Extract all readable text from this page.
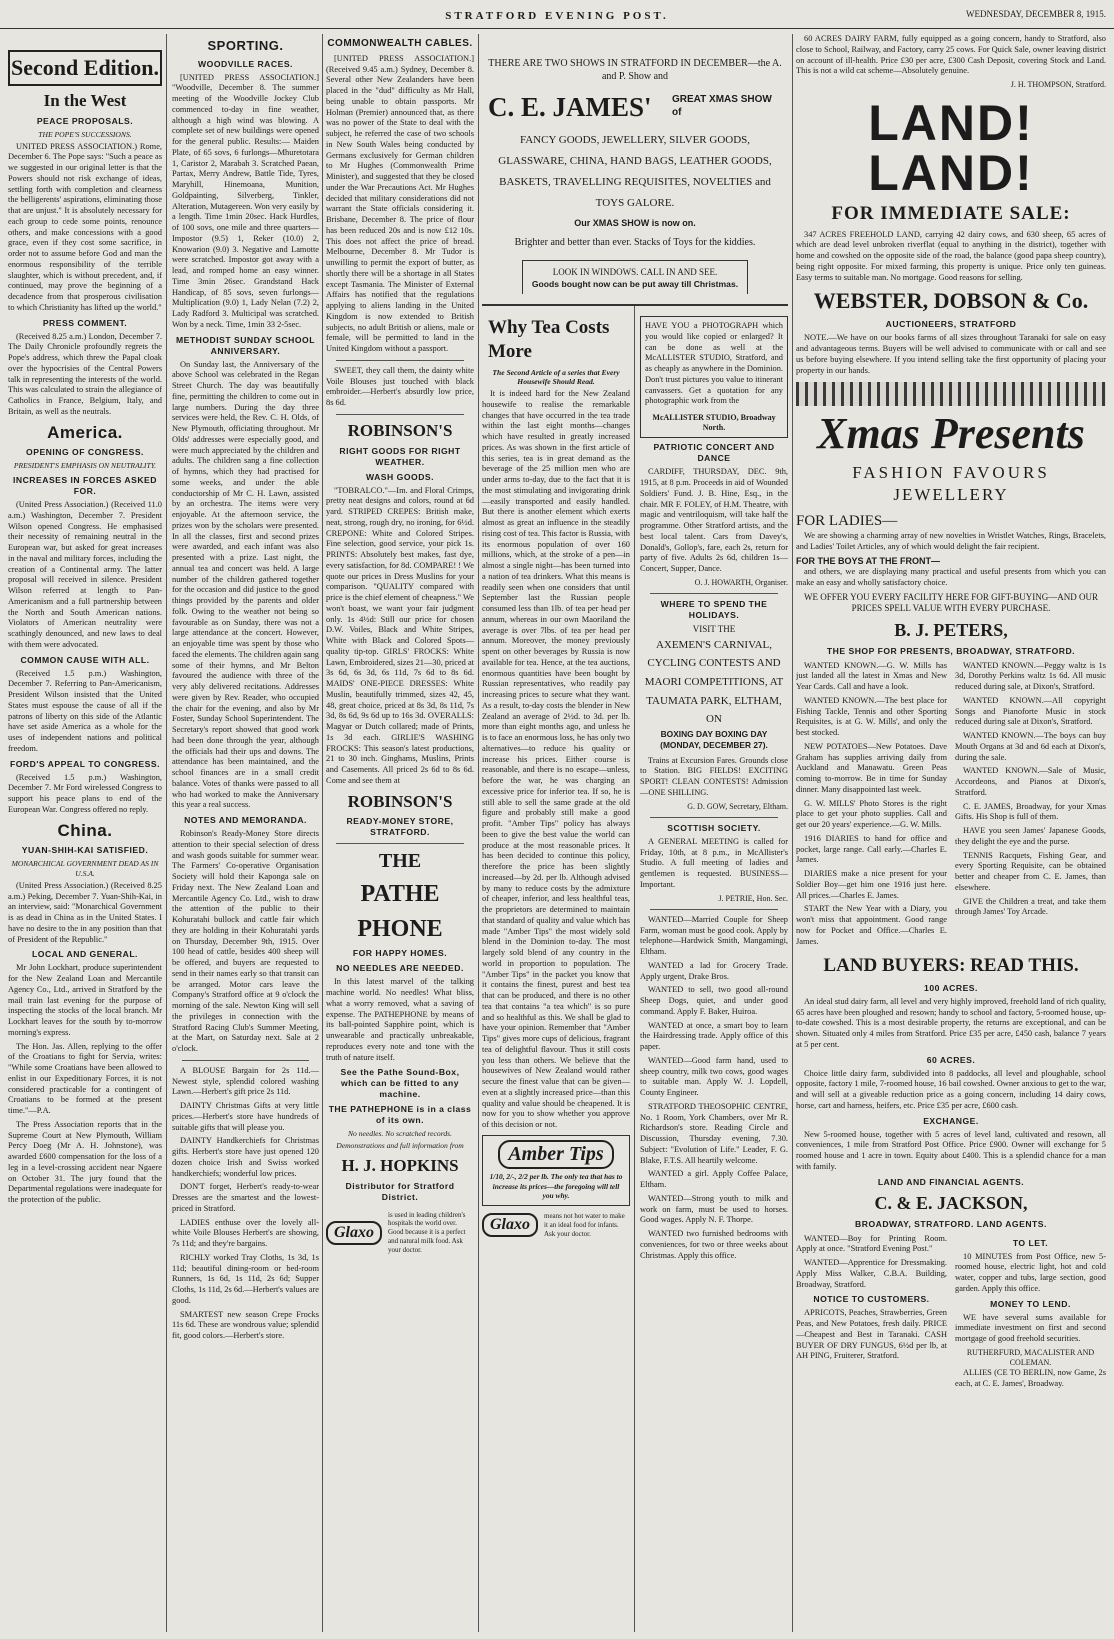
STRATFORD EVENING POST.	WEDNESDAY, DECEMBER 8, 1915.
Second Edition.
In the West
PEACE PROPOSALS.
THE POPE'S SUCCESSIONS.

UNITED PRESS ASSOCIATION.) Rome, December 6. The Pope says: "Such a peace as we suggested in our original letter is that the Powers should not risk exchange of ideas, settling forth with completion and clearness the belligerents' aspirations, eliminating those that are unjust." It is absolutely necessary for each group to cede some points, renounce others, and make concessions with a good grace, even if they cost some sacrifice, in order not to assume before God and man the enormous responsibility of the terrible slaughter, which is without precedent, and, if continued, may prove the beginning of a decadence from that prosperous civilisation to which Christianity has lifted up the world."

PRESS COMMENT.

(Received 8.25 a.m.) London, December 7. The Daily Chronicle profoundly regrets the Pope's address, which threw the Papal cloak over the hypocrisies of the Central Powers talk in representing the interests of the world. This was calculated to strain the allegiance of Catholics in France, Belgium, Italy, and Britain, as well as the neutrals.

America.
OPENING OF CONGRESS.
PRESIDENT'S EMPHASIS ON NEUTRALITY.
INCREASES IN FORCES ASKED FOR.

(United Press Association.) (Received 11.0 a.m.) Washington, December 7. President Wilson opened Congress. He emphasised their necessity of remaining neutral in the European war, but asked for great increases in the naval and military forces, including the creation of a Continental army. The latter proposal will received in silence. President Wilson referred at length to Pan-Americanism and a full partnership between the North and South American nations. Violators of American neutrality were scathingly denounced, and new laws to deal with them were advocated.

COMMON CAUSE WITH ALL.

(Received 1.5 p.m.) Washington, December 7. Referring to Pan-Americanism, President Wilson insisted that the United States must espouse the cause of all if the patrons of liberty on this side of the Atlantic have set aside America as a whole for the uses of independent nations and political freedom.

FORD'S APPEAL TO CONGRESS.

(Received 1.5 p.m.) Washington, December 7. Mr Ford wirelessed Congress to support his peace plans to end of the European War. Congress offered no reply.

China.
YUAN-SHIH-KAI SATISFIED.
MONARCHICAL GOVERNMENT DEAD AS IN U.S.A.

(United Press Association.) (Received 8.25 a.m.) Peking, December 7. Yuan-Shih-Kai, in an interview, said: "Monarchical Government is as dead in China as in the United States. I have no desire to the in any position than that of President of the Republic."

LOCAL AND GENERAL.

Mr John Lockhart, produce superintendent for the New Zealand Loan and Mercantile Agency Co., Ltd., arrived in Stratford by the mail train last evening for the purpose of inspecting the stocks of the local branch. Mr Lockhart leaves for the south by to-morrow morning's express.

The Hon. Jas. Allen, replying to the offer of the Croatians to fight for Servia, writes: "While some Croatians have been allowed to enlist in our Expeditionary Forces, it is not considered practicable for a contingent of Croatians to be formed at the present time."—P.A.

The Press Association reports that in the Supreme Court at New Plymouth, William Percy Doeg (Mr A. H. Johnstone), was awarded £600 compensation for the loss of a leg in a level-crossing accident near Ngaere on October 31. The jury found that the Departmental regulations were inadequate for the protection of the public.

SPORTING.
WOODVILLE RACES.

[UNITED PRESS ASSOCIATION.] "Woodville, December 8. The summer meeting of the Woodville Jockey Club commenced to-day in fine weather, although a high wind was blowing. A complete set of new buildings were opened for the general public. Results:— Maiden Plate, of 65 sovs, 6 furlongs—Mhuretotara 1, Caristor 2, Marabah 3. Scratched Paean, Partax, Merry Andrew, Battle Tide, Tyres, Maryhill, Hinemoana, Munition, Goldpainting, Silverberg, Tinkler, Alteration, Mutagereen. Won very easily by a length. Time 1min 20sec. Hack Hurdles, of 100 sovs, one mile and three quarters—Impostor (9.5) 1, Reker (10.0) 2, Knowarion (9.0) 3. Negative and Lamotte were scratched. Impostor got away with a lead, and romped home an easy winner. Time 3min 26sec. Grandstand Hack Handicap, of 85 sovs, seven furlongs—Multiplication (9.0) 1, Lady Nelan (7.2) 2, Lady Radford 3. Multicipal was scratched. Won by a neck. Time, 1min 33 2-5sec.

METHODIST SUNDAY SCHOOL ANNIVERSARY.

On Sunday last, the Anniversary of the above School was celebrated in the Regan Street Church. The day was beautifully fine, permitting the children to come out in large numbers. During the day three services were held, the Rev. C. H. Olds, of New Plymouth, officiating throughout. Mr Olds' addresses were especially good, and were much appreciated by the children and adults. The children sang a fine collection of hymns, which they had practised for some weeks, and under the able conductorship of Mr C. H. Lawn, assisted by an orchestra. The items were very enjoyable. At the afternoon service, the prizes won by the scholars were presented. In all the classes, first and second prizes were awarded, and each infant was also presented with a prize. Last night, the annual tea and concert was held. A large number of the children gathered together for the occasion and did justice to the good things provided by the parents and older folk. Owing to the weather not being so favourable as on Sunday, there was not a large attendance at the concert. However, an enjoyable time was spent by those who faced the elements. The children again sang some of their hymns, and Mr Belton favoured the audience with three of the very ably delivered recitations. Addresses were given by Rev. Reader, who occupied the chair for the evening, and also by Mr Foster, Sunday School Superintendent. The Secretary's report showed that good work had been done through the year, although the officials had their ups and downs. The attendance has been maintained, and the school finances are in a small credit balance. Votes of thanks were passed to all who had worked to make the Anniversary this year a real success.

NOTES AND MEMORANDA.

Robinson's Ready-Money Store directs attention to their special selection of dress and wash goods suitable for summer wear. The Farmers' Co-operative Organisation Society will hold their Kaponga sale on Friday next. The New Zealand Loan and Mercantile Agency Co. Ltd., wish to draw the attention of the public to their Kohuratahi bullock and cattle fair which they are holding in their Kohuratahi yards on Thursday, December 9th, 1915. Over 100 head of cattle, besides 400 sheep will be offered, and buyers are requested to send in their names early so that transit can be arranged. Motor cars leave the Company's Stratford office at 9 o'clock the morning of the sale. Newton King will sell the privileges in connection with the Stratford Racing Club's Summer Meeting, at the Mart, on Saturday next. Sale at 2 o'clock.

A BLOUSE Bargain for 2s 11d.—Newest style, splendid colored washing Lawn.—Herbert's gift price 2s 11d.

DAINTY Christmas Gifts at very little prices.—Herbert's store have hundreds of suitable gifts that will please you.

DAINTY Handkerchiefs for Christmas gifts. Herbert's store have just opened 120 dozen choice Irish and Swiss worked handkerchiefs; wonderful low prices.

DON'T forget, Herbert's ready-to-wear Dresses are the smartest and the lowest-priced in Stratford.

LADIES enthuse over the lovely all-white Voile Blouses Herbert's are showing, 7s 11d; and they're bargains.

RICHLY worked Tray Cloths, 1s 3d, 1s 11d; beautiful dining-room or bed-room Runners, 1s 6d, 1s 11d, 2s 6d; Supper Cloths, 1s 11d, 2s 6d.—Herbert's values are good.

SMARTEST new season Crepe Frocks 11s 6d. These are wondrous value; splendid fit, good colors.—Herbert's store.

COMMONWEALTH CABLES.

[UNITED PRESS ASSOCIATION.] (Received 9.45 a.m.) Sydney, December 8. Several other New Zealanders have been placed in the "dud" difficulty as Mr Hall, being unable to obtain passports. Mr Holman (Premier) announced that, as there was no power of the State to deal with the subject, he referred the case of two schools in New South Wales being conducted by Germans exclusively for German children to Mr Hughes (Commonwealth Prime Minister), and suggested that they be closed under the War Precautions Act. Mr Hughes decided that military considerations did not warrant the State officials considering it. Brisbane, December 8. The price of flour has been reduced 20s and is now £12 10s. This does not affect the price of bread. Melbourne, December 8. Mr Tudor is unwilling to permit the export of butter, as shortly there will be a shortage in all States except Tasmania. The Minister of External Affairs has notified that the regulations applying to aliens landing in the United Kingdom is now extended to British subjects, no adult British or aliens, male or female, will be permitted to land in the United Kingdom without a passport.

SWEET, they call them, the dainty white Voile Blouses just touched with black embroider.—Herbert's absurdly low price, 8s 6d.

ROBINSON'S
RIGHT GOODS FOR RIGHT WEATHER.
WASH GOODS.

"TOBRALCO."—Im. and Floral Crimps, pretty neat designs and colors, round at 6d yard. STRIPED CREPES: British make, neat, strong, rough dry, no ironing, for 6½d. CREPONE: White and Colored Stripes. Fine selection, good service, your pick 1s. PRINTS: Absolutely best makes, fast dye, every satisfaction, for 8d. COMPARE! ! We quote our prices in Dress Muslins for your comparison. "QUALITY compared with price is the chief element of cheapness." We won't boast, we want your fair judgment only. 1s 4½d: Still our price for chosen D.W. Voiles, Black and White Stripes, White with Black and Colored Spots—quality tip-top. GIRLS' FROCKS: White Lawn, Embroidered, sizes 21—30, priced at 3s 6d, 6s 3d, 6s 11d, 7s 6d to 8s 6d. MAIDS' ONE-PIECE DRESSES: White Muslin, beautifully trimmed, sizes 42, 45, 48, great choice, priced at 8s 3d, 8s 11d, 7s 3d, 8s 6d, 9s 6d up to 16s 3d. OVERALLS: Magyar or Dutch collared; made of Prints, 1s 3d each. GIRLIE'S WASHING FROCKS: This season's latest productions, 21 to 30 inch. Ginghams, Muslins, Prints and Casements. All priced 2s 6d to 8s 6d. Come and see them at

ROBINSON'S
READY-MONEY STORE, STRATFORD.
THE
PATHE
PHONE
FOR HAPPY HOMES.
NO NEEDLES ARE NEEDED.

In this latest marvel of the talking machine world. No needles! What bliss, what a worry removed, what a saving of expense. The PATHEPHONE by means of its ball-pointed Sapphire point, which is unwearable and practically unbreakable, reproduces every note and tone with the truth of nature itself.

See the Pathe Sound-Box, which can be fitted to any machine.
THE PATHEPHONE is in a class of its own.
No needles. No scratched records.
Demonstrations and full information from
H. J. HOPKINS
Distributor for Stratford District.
Glaxo
is used in leading children's hospitals the world over. Good because it is a perfect and natural milk food. Ask your doctor.
THERE ARE TWO SHOWS IN STRATFORD IN DECEMBER—the A. and P. Show and
C. E. JAMES' GREAT XMAS SHOW of
FANCY GOODS, JEWELLERY, SILVER GOODS, GLASSWARE, CHINA, HAND BAGS, LEATHER GOODS, BASKETS, TRAVELLING REQUISITES, NOVELTIES and TOYS GALORE.
Our XMAS SHOW is now on.
Brighter and better than ever. Stacks of Toys for the kiddies.
LOOK IN WINDOWS. CALL IN AND SEE.
Goods bought now can be put away till Christmas.
Why Tea Costs More
The Second Article of a series that Every Housewife Should Read.

It is indeed hard for the New Zealand housewife to realise the remarkable changes that have occurred in the tea trade within the last eight months—changes which have resulted in greatly increased prices. As was shown in the first article of this series, tea is in great demand as the beverage of the 25 million men who are under arms to-day, due to the fact that it is the most stimulating and invigorating drink—easily transported and easily handled. But there is another element which exerts almost as great an influence in the steadily rising cost of tea. This factor is Russia, with its enormous population of over 160 millions, which, at the stroke of a pen—in almost a single night—has been turned into a nation of tea drinkers. What this means is readily seen when one considers that until September last the Russian people consumed less than 1lb. of tea per head per annum, whereas in our own Maoriland the average is over 7lbs. of tea per head per annum. Moreover, the money previously spent on other beverages by Russia is now available for tea. Hence, at the tea auctions, enormous quantities have been bought by Russian representatives, who readily pay increasing prices to secure what they want. As a result, to-day costs the blender in New Zealand an average of 2½d. to 3d. per lb. more than eight months ago, and unless he is to face an enormous loss, he has only two alternatives—to reduce his quality or increase his prices. Either course is reasonable, and there is no escape—unless, before the war, he was charging an excessive price for inferior tea. If so, he is still able to sell the same grade at the old figure and probably still make a good profit. "Amber Tips" policy has always been to give the best value the world can produce at the most reasonable prices. It has been decided to continue this policy, therefore the price has been slightly increased—by 2d. per lb. Although advised by many to reduce costs by the admixture of cheaper, inferior, and less healthful teas, the proprietors are determined to maintain that standard of quality and value which has made "Amber Tips" the most widely sold blend in the Dominion to-day. The most largely sold blend of any country in the world in proportion to population. The "Amber Tips" in the packet you know that it contains the finest, purest and best tea that can be produced, and there is no other tea that contains "a tea which" is so pure and so healthful as this. We shall be glad to have your opinion. Remember that "Amber Tips" gives more cups of delicious, fragrant tea of delightful flavour. Thus it still costs you less than others. We believe that the housewives of New Zealand would rather secure the finest value that can be given—even at a slightly increased price—than this quality and value should be cheapened. It is now for you to show whether you approve of this decision or not.

Amber Tips
1/10, 2/-, 2/2 per lb. The only tea that has to increase its prices—the foregoing will tell you why.
Glaxo
means not hot water to make it an ideal food for infants. Ask your doctor.

HAVE YOU a PHOTOGRAPH which you would like copied or enlarged? It can be done as well at the McALLISTER STUDIO, Stratford, and as cheaply as anywhere in the Dominion. Don't trust pictures you value to itinerant canvassers. Get a quotation for any photographic work from the

McALLISTER STUDIO, Broadway North.
PATRIOTIC CONCERT AND DANCE

CARDIFF, THURSDAY, DEC. 9th, 1915, at 8 p.m. Proceeds in aid of Wounded Soldiers' Fund. J. B. Hine, Esq., in the chair. MR F. FOLEY, of H.M. Theatre, with magic and ventriloquism, will take half the programme. Other Stratford artists, and the best local talent. Cars from Davey's, Donald's, Gollop's, fare, each 2s, return for party of five. Adults 2s 6d, children 1s—Concert, Supper, Dance.

O. J. HOWARTH, Organiser.
WHERE TO SPEND THE HOLIDAYS.
VISIT THE
AXEMEN'S CARNIVAL, CYCLING CONTESTS AND MAORI COMPETITIONS, AT TAUMATA PARK, ELTHAM, ON
BOXING DAY BOXING DAY (MONDAY, DECEMBER 27).

Trains at Excursion Fares. Grounds close to Station. BIG FIELDS! EXCITING SPORT! CLEAN CONTESTS! Admission—ONE SHILLING.

G. D. GOW, Secretary, Eltham.
SCOTTISH SOCIETY.

A GENERAL MEETING is called for Friday, 10th, at 8 p.m., in McAllister's Studio. A full meeting of ladies and gentlemen is requested. BUSINESS—Important.

J. PETRIE, Hon. Sec.

WANTED—Married Couple for Sheep Farm, woman must be good cook. Apply by telephone—Hardwick Smith, Mangamingi, Eltham.

WANTED a lad for Grocery Trade. Apply urgent, Drake Bros.

WANTED to sell, two good all-round Sheep Dogs, quiet, and under good command. Apply F. Baker, Huiroa.

WANTED at once, a smart boy to learn the Hairdressing trade. Apply office of this paper.

WANTED—Good farm hand, used to sheep country, milk two cows, good wages to suitable man. Apply W. J. Lopdell, County Engineer.

STRATFORD THEOSOPHIC CENTRE, No. 1 Room, York Chambers, over Mr R. Richardson's store. Reading Circle and Discussion, Thursday evening, 7.30. Subject: "Evolution of Life." Leader, F. G. Blake, F.T.S. All heartily welcome.

WANTED a girl. Apply Coffee Palace, Eltham.

WANTED—Strong youth to milk and work on farm, must be used to horses. Good wages. Apply N. F. Thorpe.

WANTED two furnished bedrooms with conveniences, for two or three weeks about Christmas. Apply this office.

60 ACRES DAIRY FARM, fully equipped as a going concern, handy to Stratford, also close to School, Railway, and Factory, carry 25 cows. For Quick Sale, owner leaving district on account of ill-health. Price £30 per acre, £300 Cash Deposit, covering Stock and Land. This is not a wild cat scheme—Absolutely genuine.

J. H. THOMPSON, Stratford.
LAND! LAND!
FOR IMMEDIATE SALE:

347 ACRES FREEHOLD LAND, carrying 42 dairy cows, and 630 sheep, 65 acres of which are dead level unbroken riverflat (equal to anything in the district), together with home and cowshed on the opposite side of the road, the balance (good papa sheep country), being right opposite. For mixed farming, this property is unique. Price only ten guineas. Easy terms to suitable man. No mortgage. Good reasons for selling.

WEBSTER, DOBSON & Co.
AUCTIONEERS, STRATFORD

NOTE.—We have on our books farms of all sizes throughout Taranaki for sale on easy and advantageous terms. Buyers will be well advised to communicate with or call and see us before buying elsewhere. If you intend selling take the first opportunity of placing your property in our hands.

Xmas Presents
FASHION FAVOURS
JEWELLERY
FOR LADIES—

We are showing a charming array of new novelties in Wristlet Watches, Rings, Bracelets, and Ladies' Toilet Articles, any of which would delight the fair recipient.

FOR THE BOYS AT THE FRONT—

and others, we are displaying many practical and useful presents from which you can make an easy and wholly satisfactory choice.

WE OFFER YOU EVERY FACILITY HERE FOR GIFT-BUYING—AND OUR PRICES SPELL VALUE WITH EVERY PURCHASE.
B. J. PETERS,
THE SHOP FOR PRESENTS, BROADWAY, STRATFORD.

WANTED KNOWN.—G. W. Mills has just landed all the latest in Xmas and New Year Cards. Call and have a look.

WANTED KNOWN.—The best place for Fishing Tackle, Tennis and other Sporting Requisites, is at G. W. Mills', and only the best stocked.

NEW POTATOES—New Potatoes. Dave Graham has supplies arriving daily from Auckland and Manawatu. Green Peas coming to-morrow. Be in time for Sunday dinner. Many disappointed last week.

G. W. MILLS' Photo Stores is the right place to get your photo supplies. Call and get our 20 years' experience.—G. W. Mills.

1916 DIARIES to hand for office and pocket, large range. Call early.—Charles E. James.

DIARIES make a nice present for your Soldier Boy—get him one 1916 just here. All prices.—Charles E. James.

START the New Year with a Diary, you won't miss that appointment. Good range now for Pocket and Office.—Charles E. James.

WANTED KNOWN.—Peggy waltz is 1s 3d, Dorothy Perkins waltz 1s 6d. All music reduced during sale, at Dixon's, Stratford.

WANTED KNOWN.—All copyright Songs and Pianoforte Music in stock reduced during sale at Dixon's, Stratford.

WANTED KNOWN.—The boys can buy Mouth Organs at 3d and 6d each at Dixon's, during the sale.

WANTED KNOWN.—Sale of Music, Accordeons, and Pianos at Dixon's, Stratford.

C. E. JAMES, Broadway, for your Xmas Gifts. His Shop is full of them.

HAVE you seen James' Japanese Goods, they delight the eye and the purse.

TENNIS Racquets, Fishing Gear, and every Sporting Requisite, can be obtained better and cheaper from C. E. James, than elsewhere.

GIVE the Children a treat, and take them through James' Toy Arcade.

LAND BUYERS: READ THIS.
100 ACRES.

An ideal stud dairy farm, all level and very highly improved, freehold land of rich quality, 65 acres have been ploughed and resown; handy to school and factory, 5-roomed house, up-to-date cowshed. This is a most desirable property, the returns are exceptional, and can be shown. Situated only 4 miles from Stratford. Price £35 per acre, £450 cash, balance 7 years at 5 per cent.

60 ACRES.

Choice little dairy farm, subdivided into 8 paddocks, all level and ploughable, school opposite, factory 1 mile, 7-roomed house, 16 bail cowshed. Owner anxious to get to the war, and will sell at a giveable reduction price as a going concern, including 14 dairy cows, horse, cart and harness, heifers, etc. Price £35 per acre, £600 cash.

EXCHANGE.

New 5-roomed house, together with 5 acres of level land, cultivated and resown, all conveniences, 1 mile from Stratford Post Office. Price £900. Owner will exchange for 5 roomed house and 1 acre in town. Equity about £400. This is a splendid chance for a man with family.

LAND AND FINANCIAL AGENTS.
C. & E. JACKSON,
BROADWAY, STRATFORD. LAND AGENTS.

WANTED—Boy for Printing Room. Apply at once. "Stratford Evening Post."

WANTED—Apprentice for Dressmaking. Apply Miss Walker, C.B.A. Building, Broadway, Stratford.

NOTICE TO CUSTOMERS.

APRICOTS, Peaches, Strawberries, Green Peas, and New Potatoes, fresh daily. PRICE—Cheapest and Best in Taranaki. CASH BUYER OF DRY FUNGUS, 6½d per lb, at AH PING, Fruiterer, Stratford.

TO LET.

10 MINUTES from Post Office, new 5-roomed house, electric light, hot and cold water, copper and tubs, large section, good garden. Apply this office.

MONEY TO LEND.

WE have several sums available for immediate investment on first and second mortgage of good freehold securities.

RUTHERFURD, MACALISTER AND COLEMAN.

ALLIES (CE TO BERLIN, now Game, 2s each, at C. E. James', Broadway.
